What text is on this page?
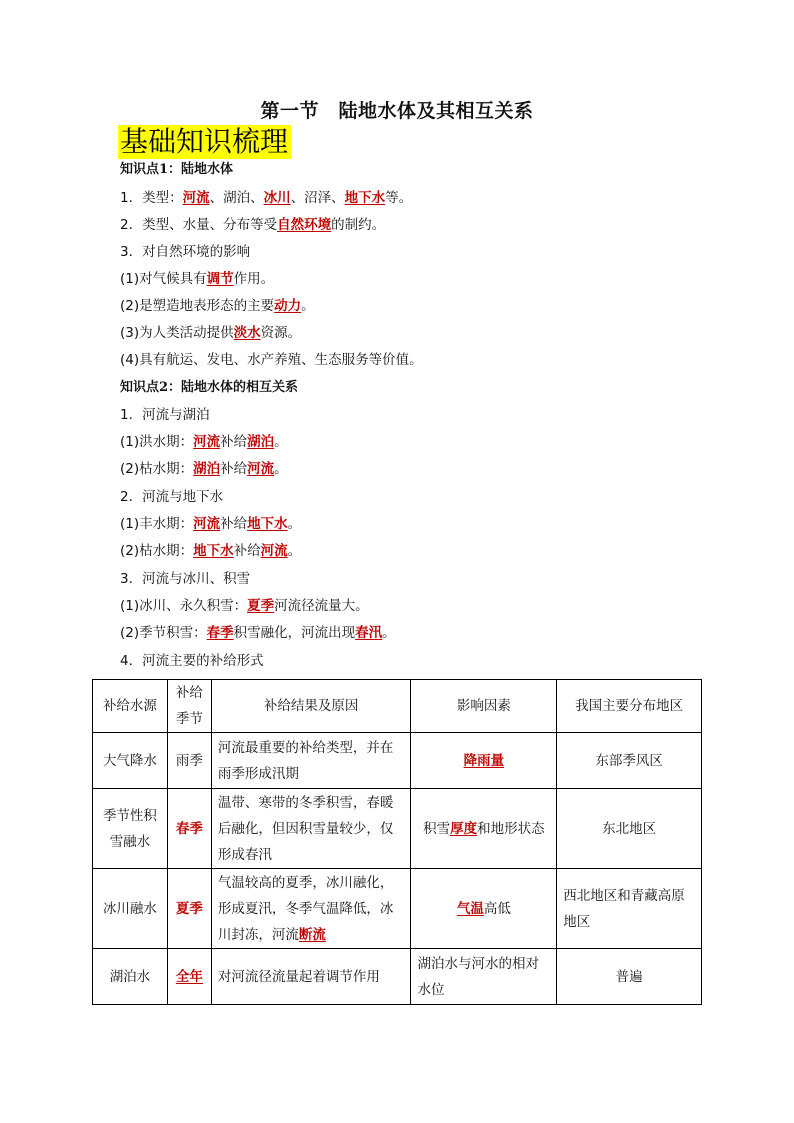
第一节　陆地水体及其相互关系
基础知识梳理
知识点1：陆地水体
1．类型：河流、湖泊、冰川、沼泽、地下水等。
2．类型、水量、分布等受自然环境的制约。
3．对自然环境的影响
(1)对气候具有调节作用。
(2)是塑造地表形态的主要动力。
(3)为人类活动提供淡水资源。
(4)具有航运、发电、水产养殖、生态服务等价值。
知识点2：陆地水体的相互关系
1．河流与湖泊
(1)洪水期：河流补给湖泊。
(2)枯水期：湖泊补给河流。
2．河流与地下水
(1)丰水期：河流补给地下水。
(2)枯水期：地下水补给河流。
3．河流与冰川、积雪
(1)冰川、永久积雪：夏季河流径流量大。
(2)季节积雪：春季积雪融化，河流出现春汛。
4．河流主要的补给形式
补给水源	补给季节	补给结果及原因	影响因素	我国主要分布地区
大气降水	雨季	河流最重要的补给类型，并在雨季形成汛期	降雨量	东部季风区
季节性积雪融水	春季	温带、寒带的冬季积雪，春暖后融化，但因积雪量较少，仅形成春汛	积雪厚度和地形状态	东北地区
冰川融水	夏季	气温较高的夏季，冰川融化，形成夏汛，冬季气温降低，冰川封冻，河流断流	气温高低	西北地区和青藏高原地区
湖泊水	全年	对河流径流量起着调节作用	湖泊水与河水的相对水位	普遍
